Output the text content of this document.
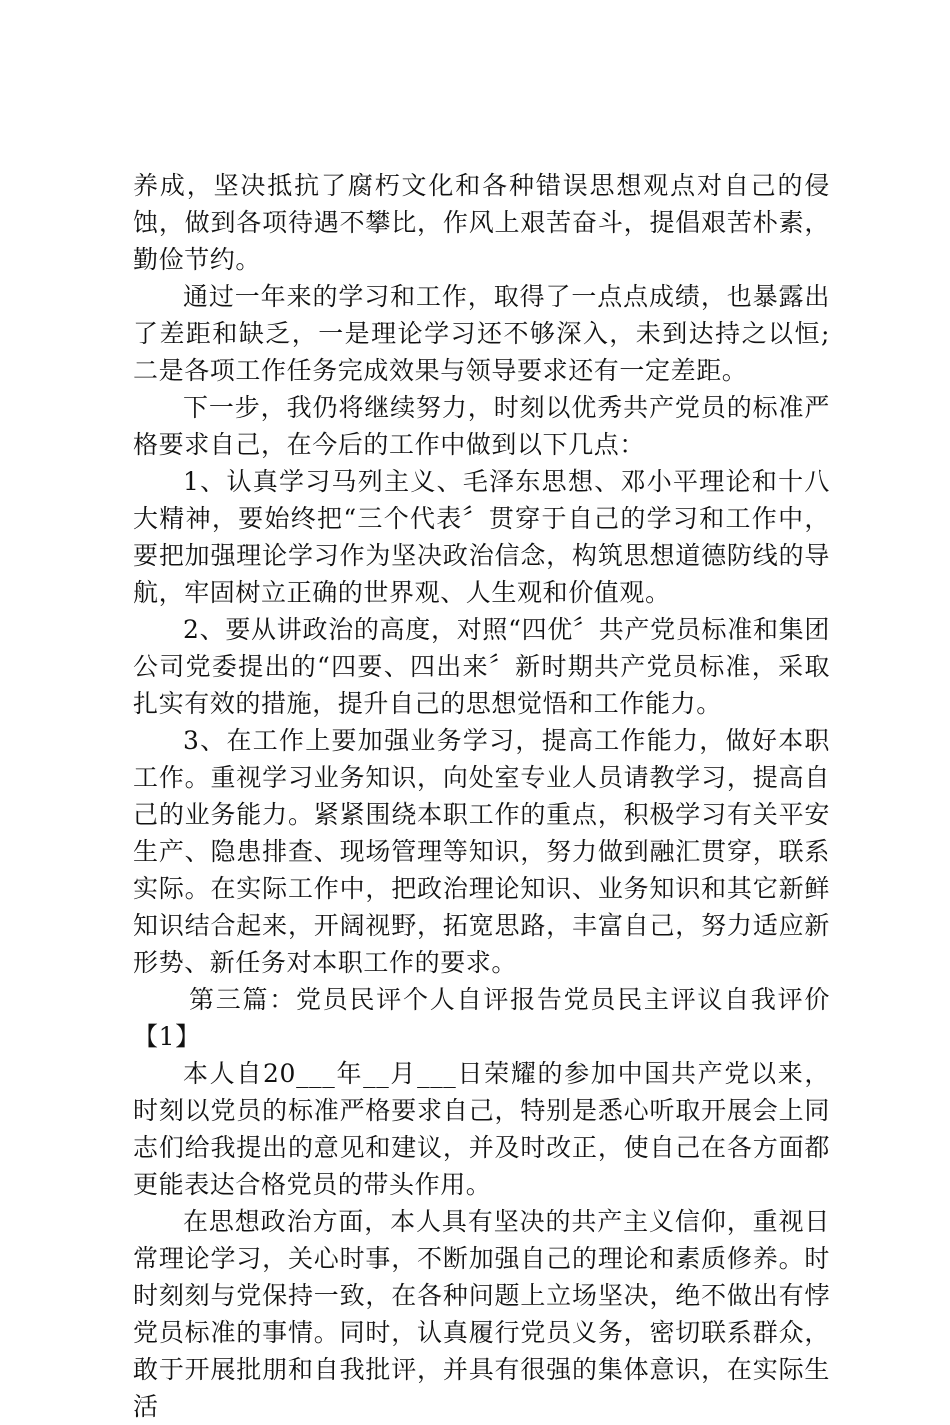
养成，坚决抵抗了腐朽文化和各种错误思想观点对自己的侵蚀，做到各项待遇不攀比，作风上艰苦奋斗，提倡艰苦朴素，勤俭节约。

通过一年来的学习和工作，取得了一点点成绩，也暴露出了差距和缺乏，一是理论学习还不够深入，未到达持之以恒;二是各项工作任务完成效果与领导要求还有一定差距。

下一步，我仍将继续努力，时刻以优秀共产党员的标准严格要求自己，在今后的工作中做到以下几点：

1、认真学习马列主义、毛泽东思想、邓小平理论和十八大精神，要始终把“三个代表〞贯穿于自己的学习和工作中，要把加强理论学习作为坚决政治信念，构筑思想道德防线的导航，牢固树立正确的世界观、人生观和价值观。

2、要从讲政治的高度，对照“四优〞共产党员标准和集团公司党委提出的“四要、四出来〞新时期共产党员标准，采取扎实有效的措施，提升自己的思想觉悟和工作能力。

3、在工作上要加强业务学习，提高工作能力，做好本职工作。重视学习业务知识，向处室专业人员请教学习，提高自己的业务能力。紧紧围绕本职工作的重点，积极学习有关平安生产、隐患排查、现场管理等知识，努力做到融汇贯穿，联系实际。在实际工作中，把政治理论知识、业务知识和其它新鲜知识结合起来，开阔视野，拓宽思路，丰富自己，努力适应新形势、新任务对本职工作的要求。

第三篇：党员民评个人自评报告党员民主评议自我评价【1】

本人自20___年__月___日荣耀的参加中国共产党以来，时刻以党员的标准严格要求自己，特别是悉心听取开展会上同志们给我提出的意见和建议，并及时改正，使自己在各方面都更能表达合格党员的带头作用。

在思想政治方面，本人具有坚决的共产主义信仰，重视日常理论学习，关心时事，不断加强自己的理论和素质修养。时时刻刻与党保持一致，在各种问题上立场坚决，绝不做出有悖党员标准的事情。同时，认真履行党员义务，密切联系群众，敢于开展批朋和自我批评，并具有很强的集体意识，在实际生活
